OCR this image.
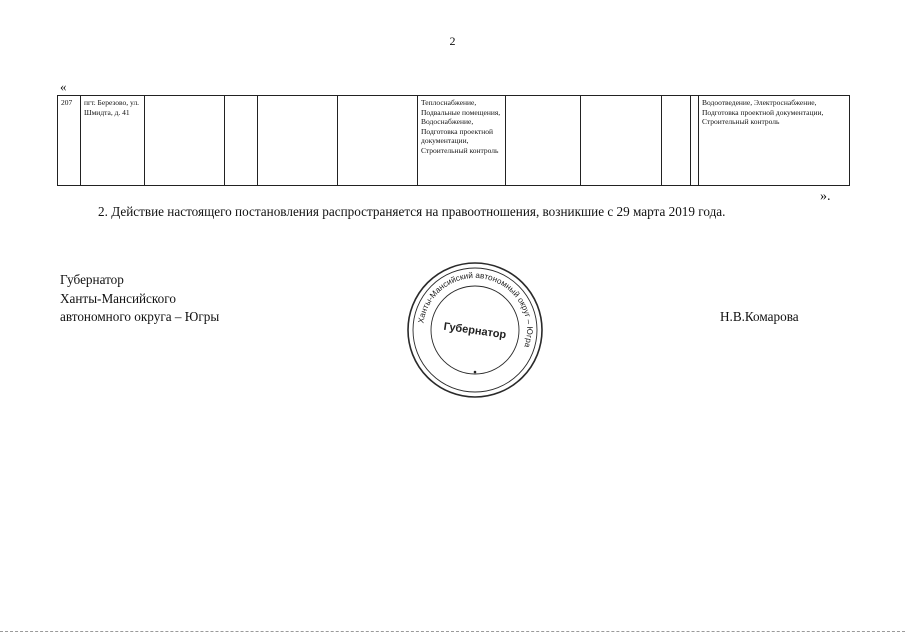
2
«
207	пгт. Березово, ул. Шмидта, д. 41					Теплоснабжение, Подвальные помещения, Водоснабжение, Подготовка проектной документации, Строительный контроль					Водоотведение, Электроснабжение, Подготовка проектной документации, Строительный контроль
».
2. Действие настоящего постановления распространяется на правоотношения, возникшие с 29 марта 2019 года.
Губернатор
Ханты-Мансийского
автономного округа – Югры	Н.В.Комарова
Ханты-Мансийский автономный округ – Югра
Губернатор
